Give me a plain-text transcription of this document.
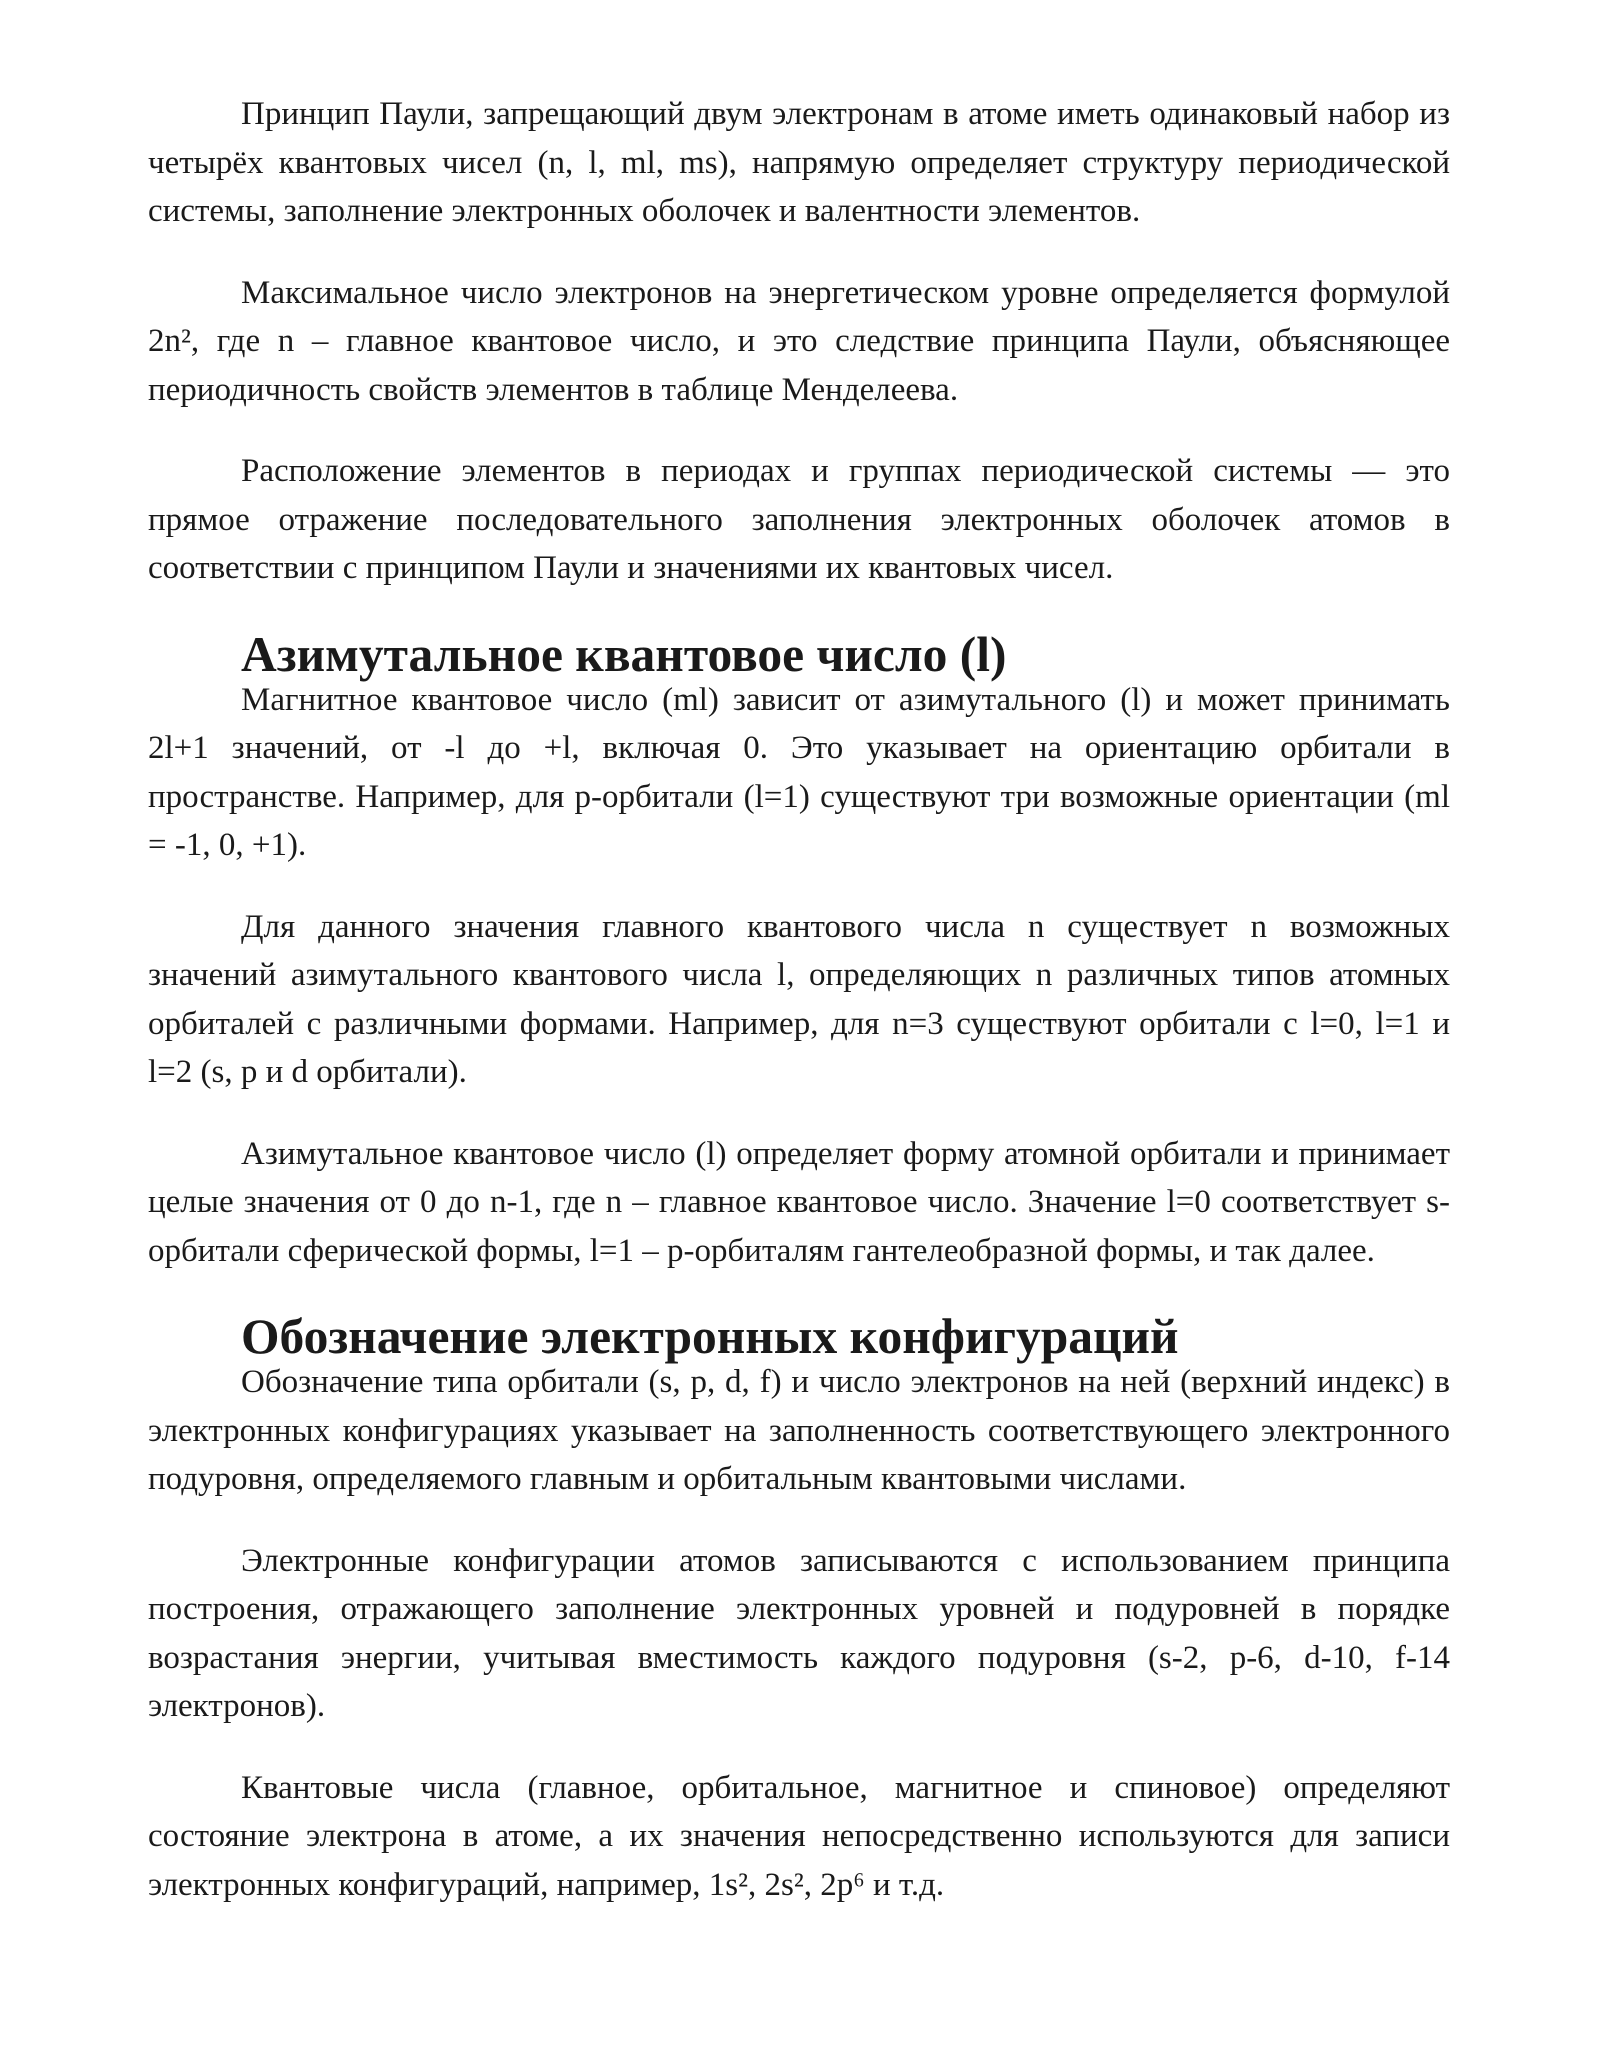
Принцип Паули, запрещающий двум электронам в атоме иметь одинаковый набор из четырёх квантовых чисел (n, l, ml, ms), напрямую определяет структуру периодической системы, заполнение электронных оболочек и валентности элементов.

Максимальное число электронов на энергетическом уровне определяется формулой 2n², где n – главное квантовое число, и это следствие принципа Паули, объясняющее периодичность свойств элементов в таблице Менделеева.

Расположение элементов в периодах и группах периодической системы — это прямое отражение последовательного заполнения электронных оболочек атомов в соответствии с принципом Паули и значениями их квантовых чисел.

Азимутальное квантовое число (l)

Магнитное квантовое число (ml) зависит от азимутального (l) и может принимать 2l+1 значений, от -l до +l, включая 0. Это указывает на ориентацию орбитали в пространстве. Например, для p-орбитали (l=1) существуют три возможные ориентации (ml = -1, 0, +1).

Для данного значения главного квантового числа n существует n возможных значений азимутального квантового числа l, определяющих n различных типов атомных орбиталей с различными формами. Например, для n=3 существуют орбитали с l=0, l=1 и l=2 (s, p и d орбитали).

Азимутальное квантовое число (l) определяет форму атомной орбитали и принимает целые значения от 0 до n-1, где n – главное квантовое число. Значение l=0 соответствует s-орбитали сферической формы, l=1 – p-орбиталям гантелеобразной формы, и так далее.

Обозначение электронных конфигураций

Обозначение типа орбитали (s, p, d, f) и число электронов на ней (верхний индекс) в электронных конфигурациях указывает на заполненность соответствующего электронного подуровня, определяемого главным и орбитальным квантовыми числами.

Электронные конфигурации атомов записываются с использованием принципа построения, отражающего заполнение электронных уровней и подуровней в порядке возрастания энергии, учитывая вместимость каждого подуровня (s-2, p-6, d-10, f-14 электронов).

Квантовые числа (главное, орбитальное, магнитное и спиновое) определяют состояние электрона в атоме, а их значения непосредственно используются для записи электронных конфигураций, например, 1s², 2s², 2p⁶ и т.д.
